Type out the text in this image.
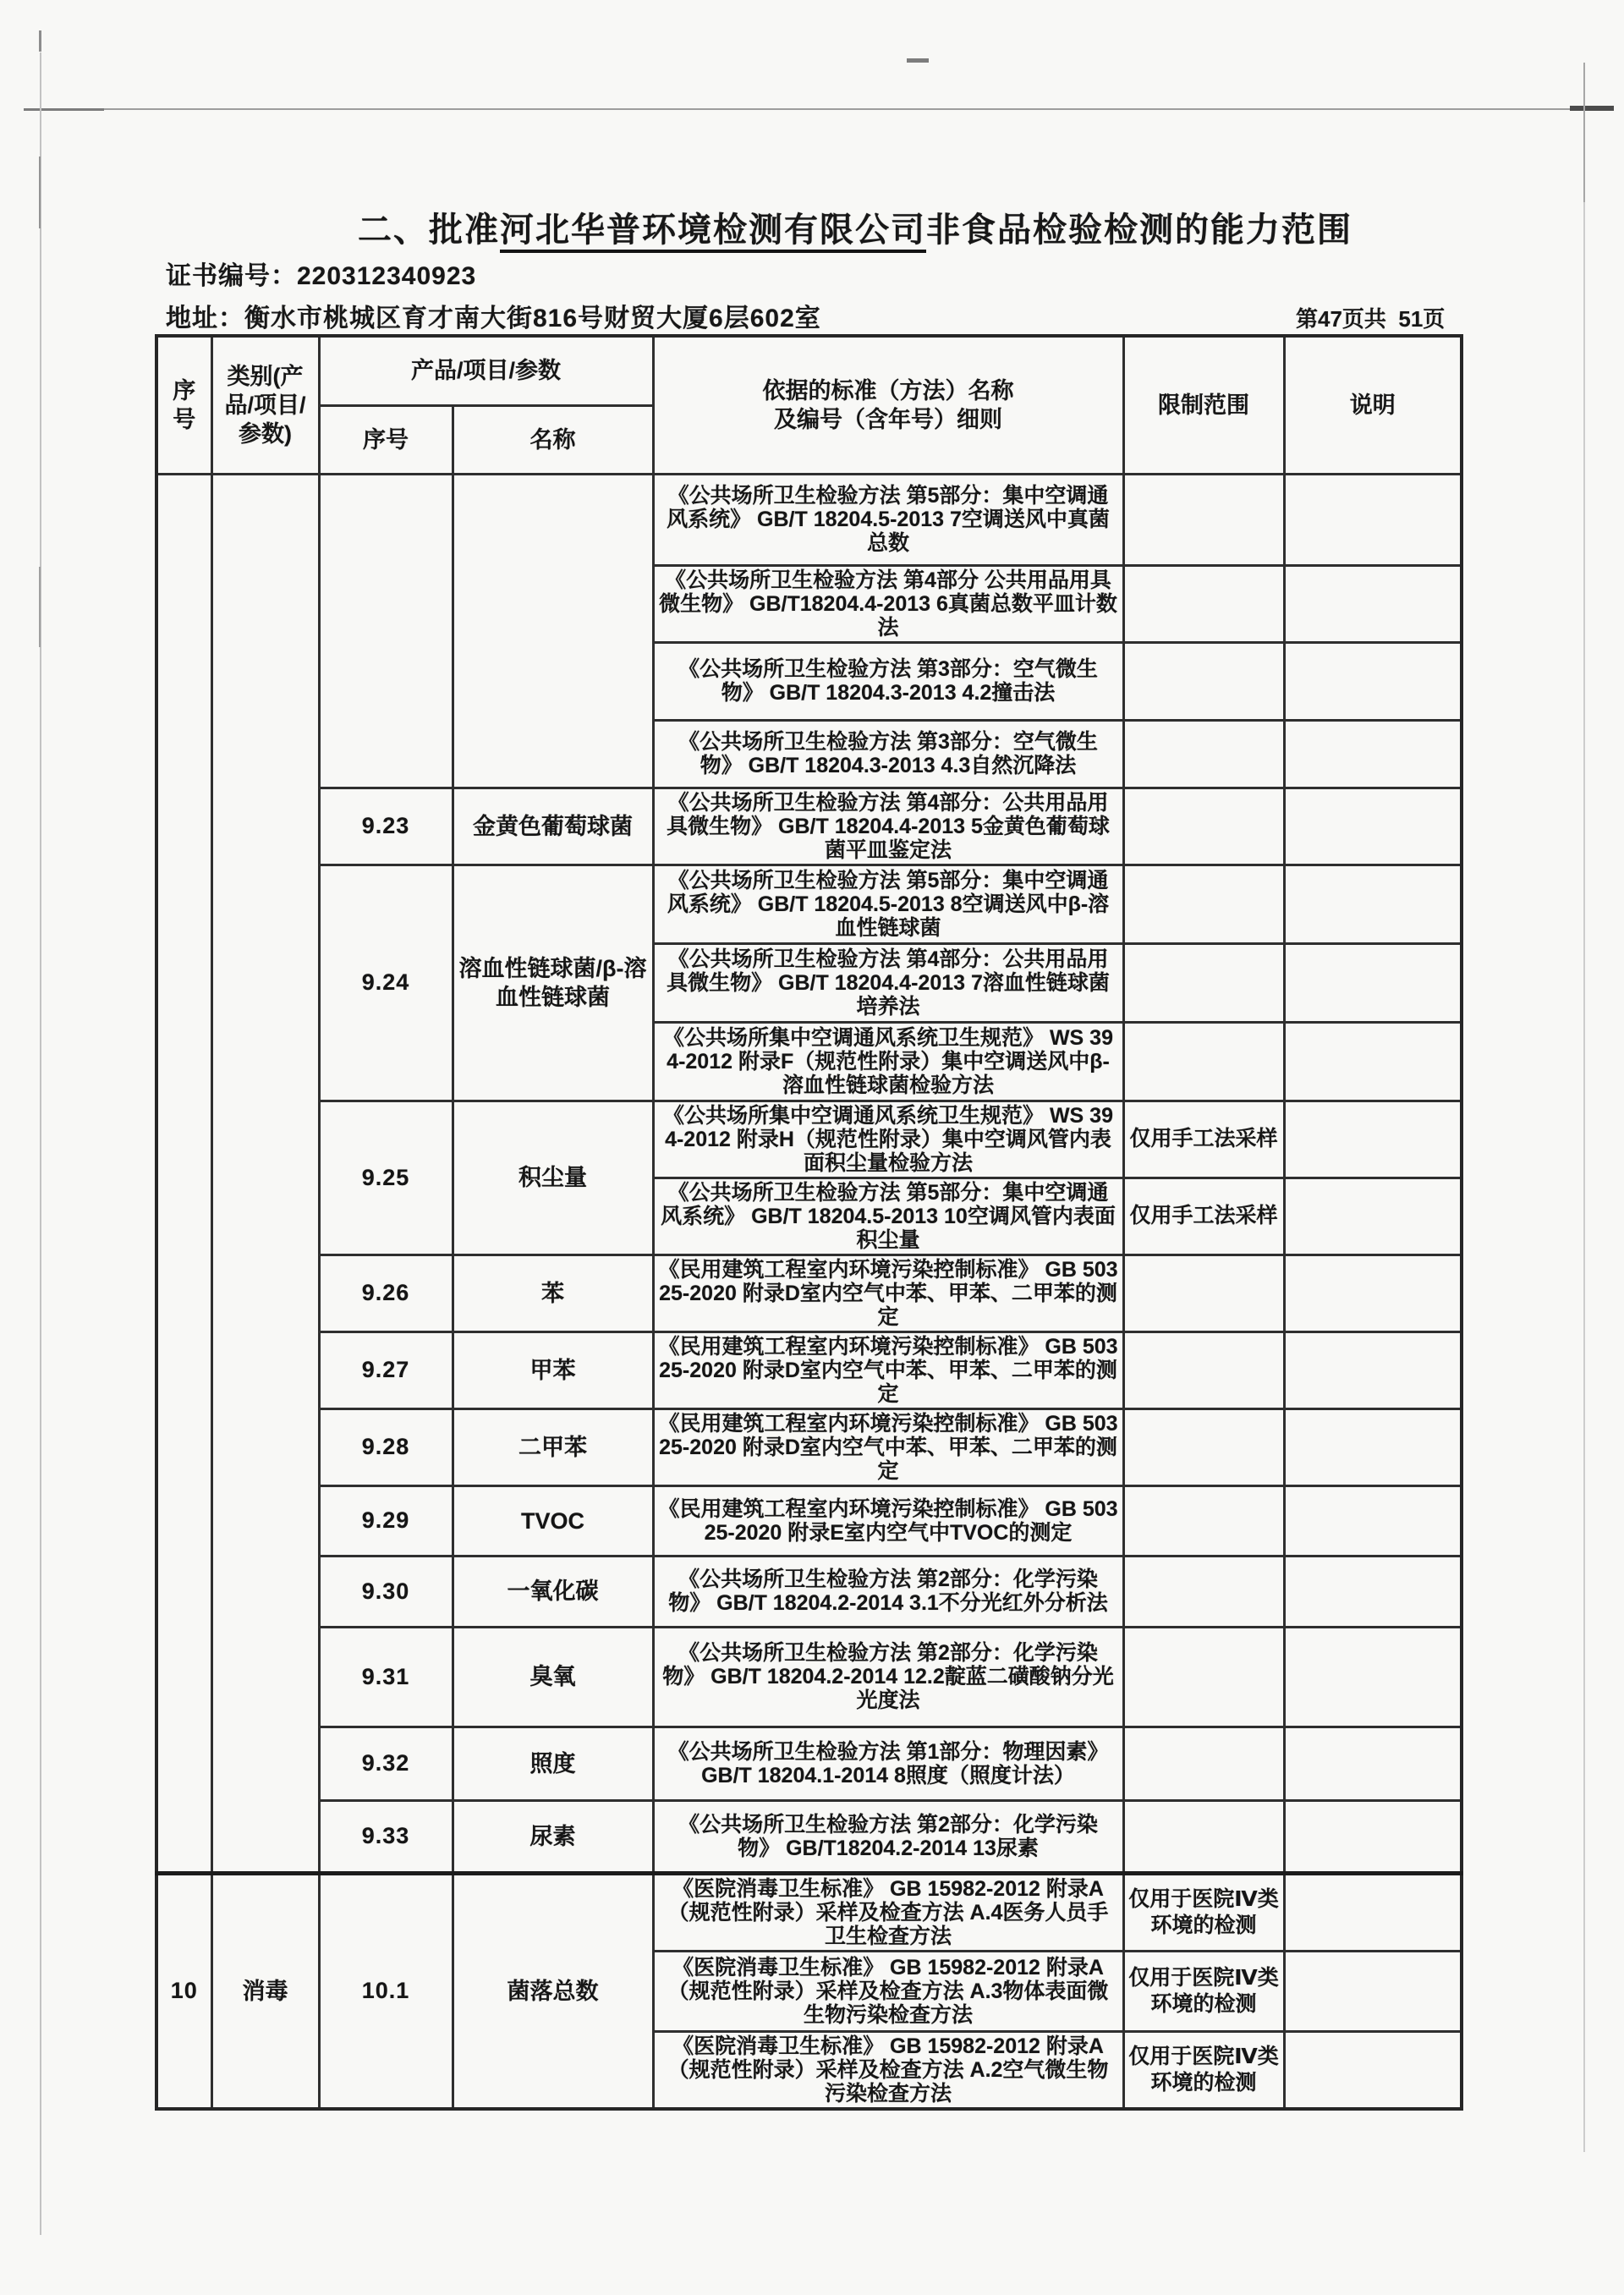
二、批准河北华普环境检测有限公司非食品检验检测的能力范围
证书编号：220312340923
地址：衡水市桃城区育才南大街816号财贸大厦6层602室	第47页共  51页
序号	类别(产品/项目/参数)	产品/项目/参数		依据的标准（方法）名称
及编号（含年号）细则	限制范围	说明
		序号	名称			
				《公共场所卫生检验方法 第5部分：集中空调通风系统》 GB/T 18204.5-2013 7空调送风中真菌总数		
				《公共场所卫生检验方法 第4部分 公共用品用具微生物》 GB/T18204.4-2013 6真菌总数平皿计数法		
				《公共场所卫生检验方法 第3部分：空气微生物》 GB/T 18204.3-2013 4.2撞击法		
				《公共场所卫生检验方法 第3部分：空气微生物》 GB/T 18204.3-2013 4.3自然沉降法		
		9.23	金黄色葡萄球菌	《公共场所卫生检验方法 第4部分：公共用品用具微生物》 GB/T 18204.4-2013 5金黄色葡萄球菌平皿鉴定法		
		9.24	溶血性链球菌/β-溶血性链球菌	《公共场所卫生检验方法 第5部分：集中空调通风系统》 GB/T 18204.5-2013 8空调送风中β-溶血性链球菌		
				《公共场所卫生检验方法 第4部分：公共用品用具微生物》 GB/T 18204.4-2013 7溶血性链球菌培养法		
				《公共场所集中空调通风系统卫生规范》 WS 394-2012 附录F（规范性附录）集中空调送风中β-溶血性链球菌检验方法		
		9.25	积尘量	《公共场所集中空调通风系统卫生规范》 WS 394-2012 附录H（规范性附录）集中空调风管内表面积尘量检验方法	仅用手工法采样	
				《公共场所卫生检验方法 第5部分：集中空调通风系统》 GB/T 18204.5-2013 10空调风管内表面积尘量	仅用手工法采样	
		9.26	苯	《民用建筑工程室内环境污染控制标准》 GB 50325-2020 附录D室内空气中苯、甲苯、二甲苯的测定		
		9.27	甲苯	《民用建筑工程室内环境污染控制标准》 GB 50325-2020 附录D室内空气中苯、甲苯、二甲苯的测定		
		9.28	二甲苯	《民用建筑工程室内环境污染控制标准》 GB 50325-2020 附录D室内空气中苯、甲苯、二甲苯的测定		
		9.29	TVOC	《民用建筑工程室内环境污染控制标准》 GB 50325-2020 附录E室内空气中TVOC的测定		
		9.30	一氧化碳	《公共场所卫生检验方法 第2部分：化学污染物》 GB/T 18204.2-2014 3.1不分光红外分析法		
		9.31	臭氧	《公共场所卫生检验方法 第2部分：化学污染物》 GB/T 18204.2-2014 12.2靛蓝二磺酸钠分光光度法		
		9.32	照度	《公共场所卫生检验方法 第1部分：物理因素》 GB/T 18204.1-2014 8照度（照度计法）		
		9.33	尿素	《公共场所卫生检验方法 第2部分：化学污染物》 GB/T18204.2-2014 13尿素		
10	消毒	10.1	菌落总数	《医院消毒卫生标准》 GB 15982-2012 附录A（规范性附录）采样及检查方法 A.4医务人员手卫生检查方法	仅用于医院Ⅳ类环境的检测	
				《医院消毒卫生标准》 GB 15982-2012 附录A（规范性附录）采样及检查方法 A.3物体表面微生物污染检查方法	仅用于医院Ⅳ类环境的检测	
				《医院消毒卫生标准》 GB 15982-2012 附录A（规范性附录）采样及检查方法 A.2空气微生物污染检查方法	仅用于医院Ⅳ类环境的检测	
